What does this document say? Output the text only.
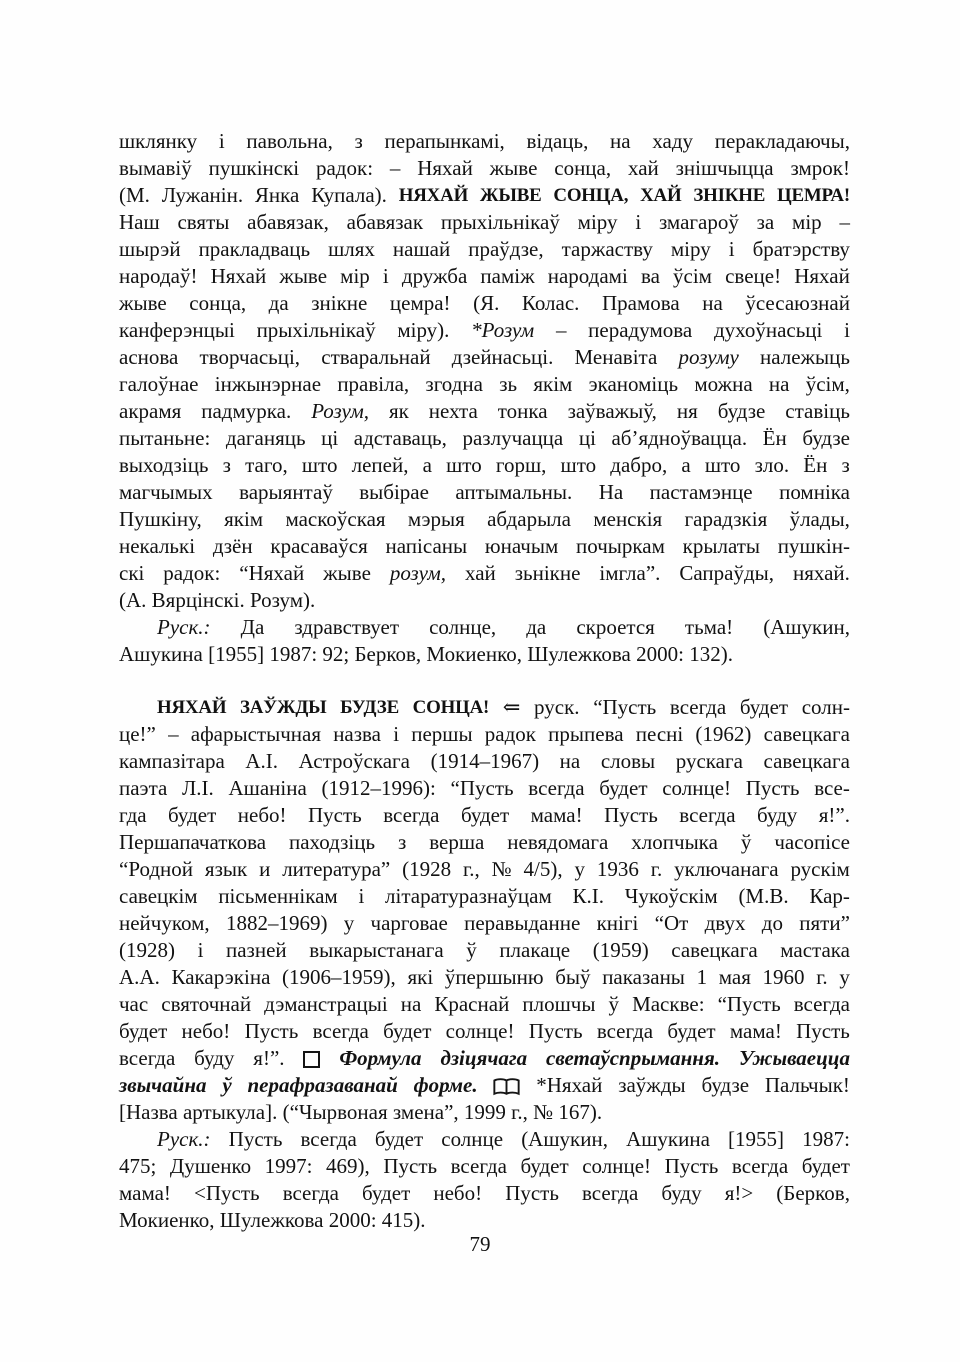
шклянку і павольна, з перапынкамі, відаць, на хаду перакладаючы,
вымавіў пушкінскі радок: – Няхай жыве сонца, хай знішчыцца змрок!
(М. Лужанін. Янка Купала). НЯХАЙ ЖЫВЕ СОНЦА, ХАЙ ЗНІКНЕ ЦЕМРА!
Наш святы абавязак, абавязак прыхільнікаў міру і змагароў за мір –
шырэй пракладваць шлях нашай праўдзе, таржаству міру і братэрству
народаў! Няхай жыве мір і дружба паміж народамі ва ўсім свеце! Няхай
жыве сонца, да знікне цемра! (Я. Колас. Прамова на ўсесаюзнай
канферэнцыі прыхільнікаў міру). *Розум – перадумова духоўнасьці і
аснова творчасьці, стваральнай дзейнасьці. Менавіта розуму належыць
галоўнае інжынэрнае правіла, згодна зь якім эканоміць можна на ўсім,
акрамя падмурка. Розум, як нехта тонка заўважыў, ня будзе ставіць
пытаньне: даганяць ці адставаць, разлучацца ці аб’ядноўвацца. Ён будзе
выходзіць з таго, што лепей, а што горш, што дабро, а што зло. Ён з
магчымых варыянтаў выбірае аптымальны. На пастамэнце помніка
Пушкіну, якім маскоўская мэрыя абдарыла менскія гарадзкія ўлады,
некалькі дзён красаваўся напісаны юначым почыркам крылаты пушкін-
скі радок: “Няхай жыве розум, хай зьнікне імгла”. Сапраўды, няхай.
(А. Вярцінскі. Розум).
Руск.: Да здравствует солнце, да скроется тьма! (Ашукин,
Ашукина [1955] 1987: 92; Берков, Мокиенко, Шулежкова 2000: 132).
НЯХАЙ ЗАЎЖДЫ БУДЗЕ СОНЦА! ⇐ руск. “Пусть всегда будет солн-
це!” – афарыстычная назва і першы радок прыпева песні (1962) савецкага
кампазітара А.І. Астроўскага (1914–1967) на словы рускага савецкага
паэта Л.І. Ашаніна (1912–1996): “Пусть всегда будет солнце! Пусть все-
гда будет небо! Пусть всегда будет мама! Пусть всегда буду я!”.
Першапачаткова паходзіць з верша невядомага хлопчыка ў часопісе
“Родной язык и литература” (1928 г., № 4/5), у 1936 г. уключанага рускім
савецкім пісьменнікам і літаратуразнаўцам К.І. Чукоўскім (М.В. Кар-
нейчуком, 1882–1969) у чарговае перавыданне кнігі “От двух до пяти”
(1928) і пазней выкарыстанага ў плакаце (1959) савецкага мастака
А.А. Какарэкіна (1906–1959), які ўпершыню быў паказаны 1 мая 1960 г. у
час святочнай дэманстрацыі на Краснай плошчы ў Маскве: “Пусть всегда
будет небо! Пусть всегда будет солнце! Пусть всегда будет мама! Пусть
всегда буду я!”.	Формула дзіцячага светаўспрымання. Ужываецца
звычайна ў перафразаванай форме.	*Няхай заўжды будзе Пальчык!
[Назва артыкула]. (“Чырвоная змена”, 1999 г., № 167).
Руск.: Пусть всегда будет солнце (Ашукин, Ашукина [1955] 1987:
475; Душенко 1997: 469), Пусть всегда будет солнце! Пусть всегда будет
мама! <Пусть всегда будет небо! Пусть всегда буду я!> (Берков,
Мокиенко, Шулежкова 2000: 415).
79
